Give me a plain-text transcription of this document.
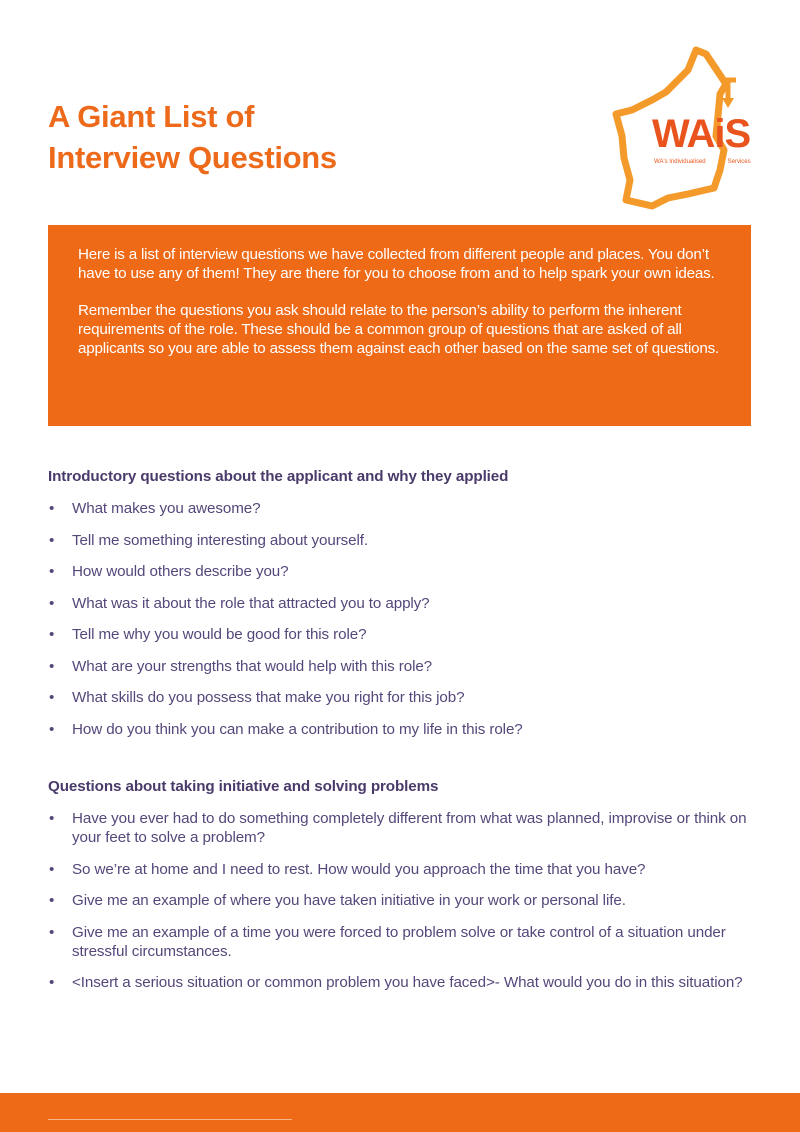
A Giant List of
Interview Questions
WAiS
WA's Individualised	Services

Here is a list of interview questions we have collected from different people and places. You don’t have to use any of them! They are there for you to choose from and to help spark your own ideas.

Remember the questions you ask should relate to the person’s ability to perform the inherent requirements of the role. These should be a common group of questions that are asked of all applicants so you are able to assess them against each other based on the same set of questions.

Introductory questions about the applicant and why they applied
• What makes you awesome?
• Tell me something interesting about yourself.
• How would others describe you?
• What was it about the role that attracted you to apply?
• Tell me why you would be good for this role?
• What are your strengths that would help with this role?
• What skills do you possess that make you right for this job?
• How do you think you can make a contribution to my life in this role?
Questions about taking initiative and solving problems
• Have you ever had to do something completely different from what was planned, improvise or think on your feet to solve a problem?
• So we’re at home and I need to rest. How would you approach the time that you have?
• Give me an example of where you have taken initiative in your work or personal life.
• Give me an example of a time you were forced to problem solve or take control of a situation under stressful circumstances.
• <Insert a serious situation or common problem you have faced>- What would you do in this situation?
